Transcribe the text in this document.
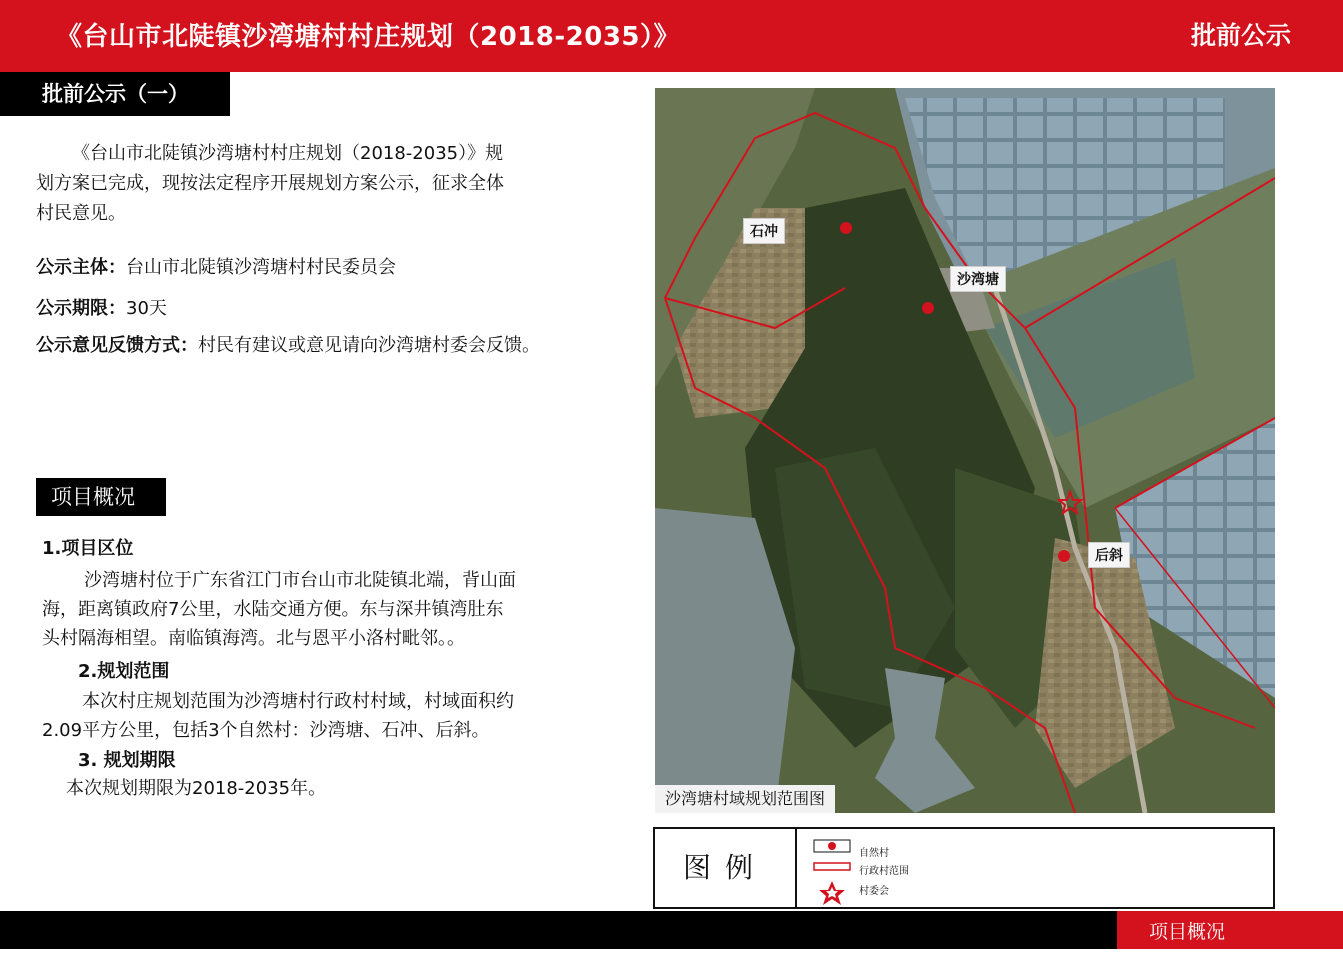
《台山市北陡镇沙湾塘村村庄规划（2018-2035）》	批前公示
批前公示（一）
《台山市北陡镇沙湾塘村村庄规划（2018-2035）》规
划方案已完成，现按法定程序开展规划方案公示，征求全体
村民意见。
公示主体：台山市北陡镇沙湾塘村村民委员会
公示期限：30天
公示意见反馈方式：村民有建议或意见请向沙湾塘村委会反馈。
项目概况
1.项目区位
沙湾塘村位于广东省江门市台山市北陡镇北端，背山面
海，距离镇政府7公里，水陆交通方便。东与深井镇湾肚东
头村隔海相望。南临镇海湾。北与恩平小洛村毗邻。。
2.规划范围
本次村庄规划范围为沙湾塘村行政村村域，村域面积约
2.09平方公里，包括3个自然村：沙湾塘、石冲、后斜。
3. 规划期限
本次规划期限为2018-2035年。
石冲
沙湾塘
后斜
沙湾塘村域规划范围图
图例	自然村
行政村范围
村委会
项目概况
